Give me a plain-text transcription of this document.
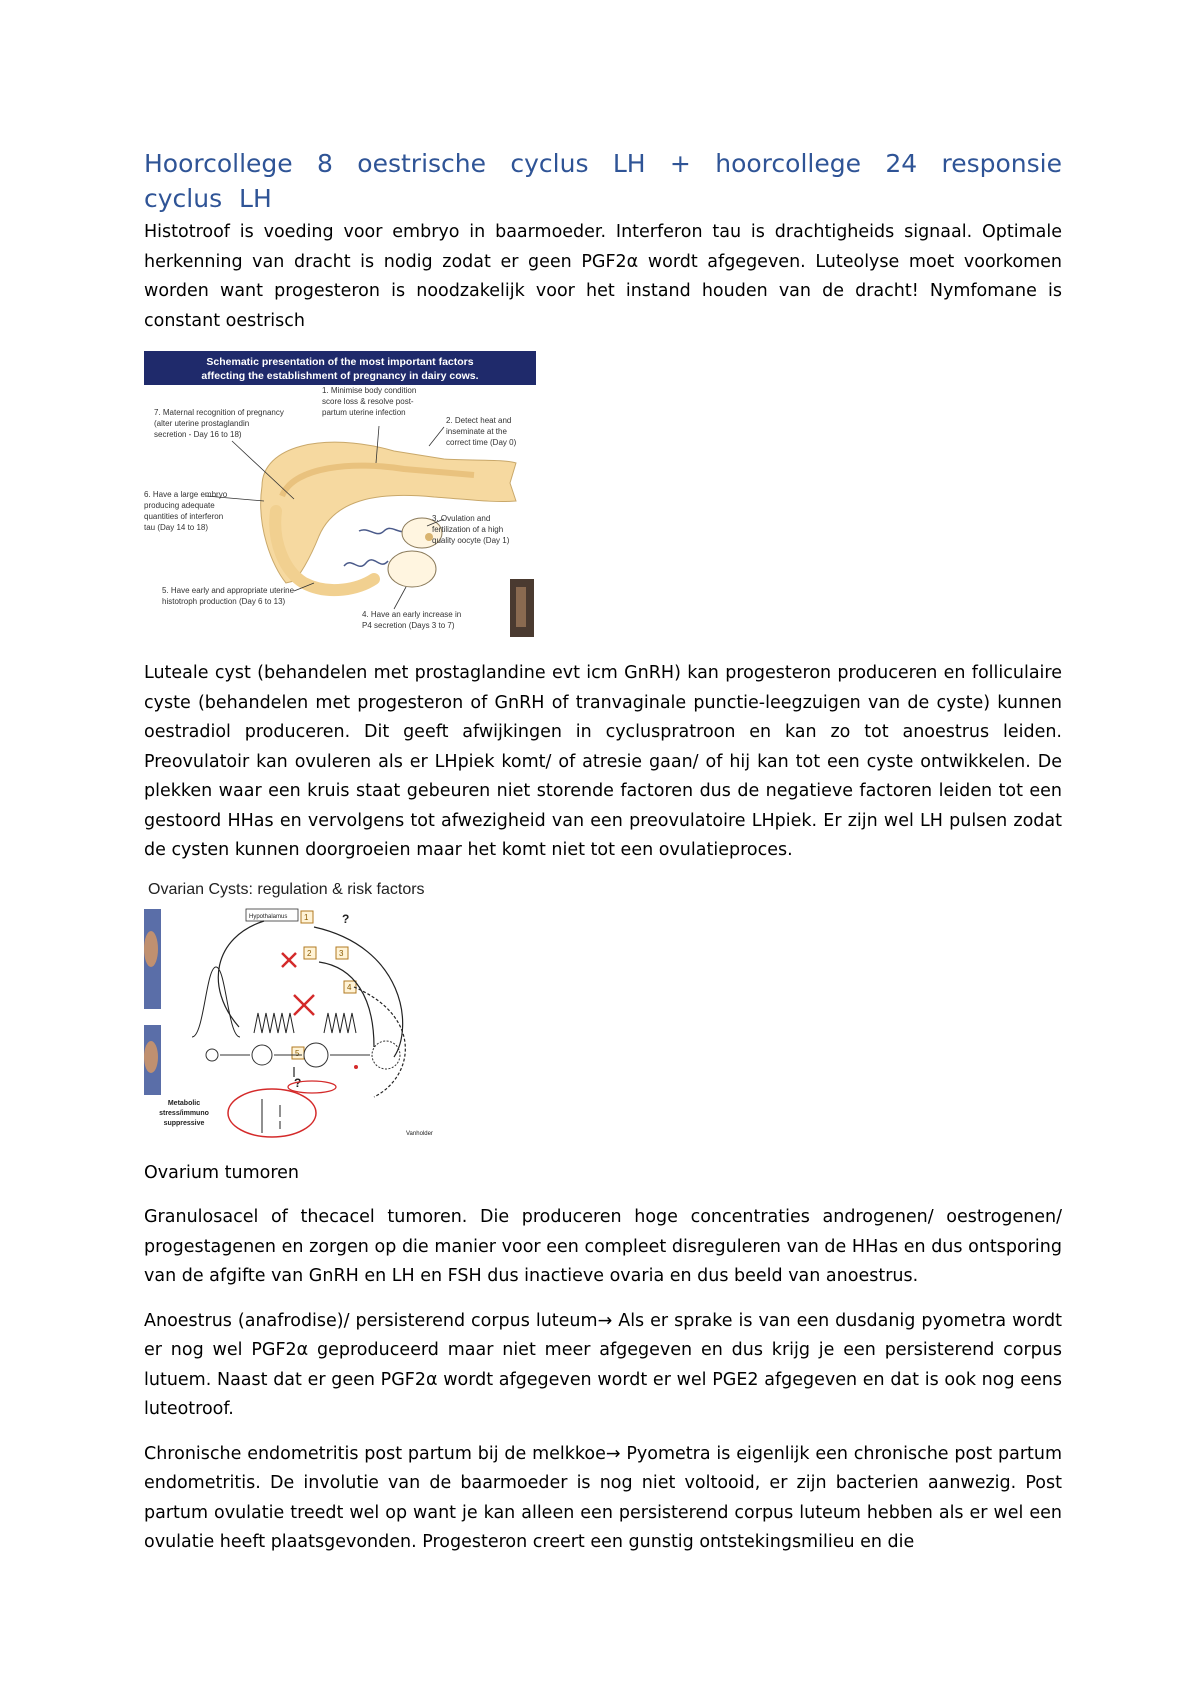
Hoorcollege 8 oestrische cyclus LH + hoorcollege 24 responsie
cyclus LH

Histotroof is voeding voor embryo in baarmoeder. Interferon tau is drachtigheids signaal. Optimale herkenning van dracht is nodig zodat er geen PGF2α wordt afgegeven. Luteolyse moet voorkomen worden want progesteron is noodzakelijk voor het instand houden van de dracht! Nymfomane is constant oestrisch

Schematic presentation of the most important factors
affecting the establishment of pregnancy in dairy cows.
1. Minimise body condition
score loss & resolve post-
partum uterine infection
2. Detect heat and
inseminate at the
correct time (Day 0)
3. Ovulation and
fertilization of a high
quality oocyte (Day 1)
4. Have an early increase in
P4 secretion (Days 3 to 7)
5. Have early and appropriate uterine
histotroph production (Day 6 to 13)
6. Have a large embryo
producing adequate
quantities of interferon
tau (Day 14 to 18)
7. Maternal recognition of pregnancy
(alter uterine prostaglandin
secretion - Day 16 to 18)

Luteale cyst (behandelen met prostaglandine evt icm GnRH) kan progesteron produceren en folliculaire cyste (behandelen met progesteron of GnRH of tranvaginale punctie-leegzuigen van de cyste) kunnen oestradiol produceren. Dit geeft afwijkingen in cycluspratroon en kan zo tot anoestrus leiden. Preovulatoir kan ovuleren als er LHpiek komt/ of atresie gaan/ of hij kan tot een cyste ontwikkelen. De plekken waar een kruis staat gebeuren niet storende factoren dus de negatieve factoren leiden tot een gestoord HHas en vervolgens tot afwezigheid van een preovulatoire LHpiek. Er zijn wel LH pulsen zodat de cysten kunnen doorgroeien maar het komt niet tot een ovulatieproces.

Ovarian Cysts: regulation & risk factors
Hypothalamus 1
2	3
4
5
?
?
Metabolic
stress/immuno
suppressive
Vanholder

Ovarium tumoren

Granulosacel of thecacel tumoren. Die produceren hoge concentraties androgenen/ oestrogenen/ progestagenen en zorgen op die manier voor een compleet disreguleren van de HHas en dus ontsporing van de afgifte van GnRH en LH en FSH dus inactieve ovaria en dus beeld van anoestrus.

Anoestrus (anafrodise)/ persisterend corpus luteum→ Als er sprake is van een dusdanig pyometra wordt er nog wel PGF2α geproduceerd maar niet meer afgegeven en dus krijg je een persisterend corpus lutuem. Naast dat er geen PGF2α wordt afgegeven wordt er wel PGE2 afgegeven en dat is ook nog eens luteotroof.

Chronische endometritis post partum bij de melkkoe→ Pyometra is eigenlijk een chronische post partum endometritis. De involutie van de baarmoeder is nog niet voltooid, er zijn bacterien aanwezig. Post partum ovulatie treedt wel op want je kan alleen een persisterend corpus luteum hebben als er wel een ovulatie heeft plaatsgevonden. Progesteron creert een gunstig ontstekingsmilieu en die
